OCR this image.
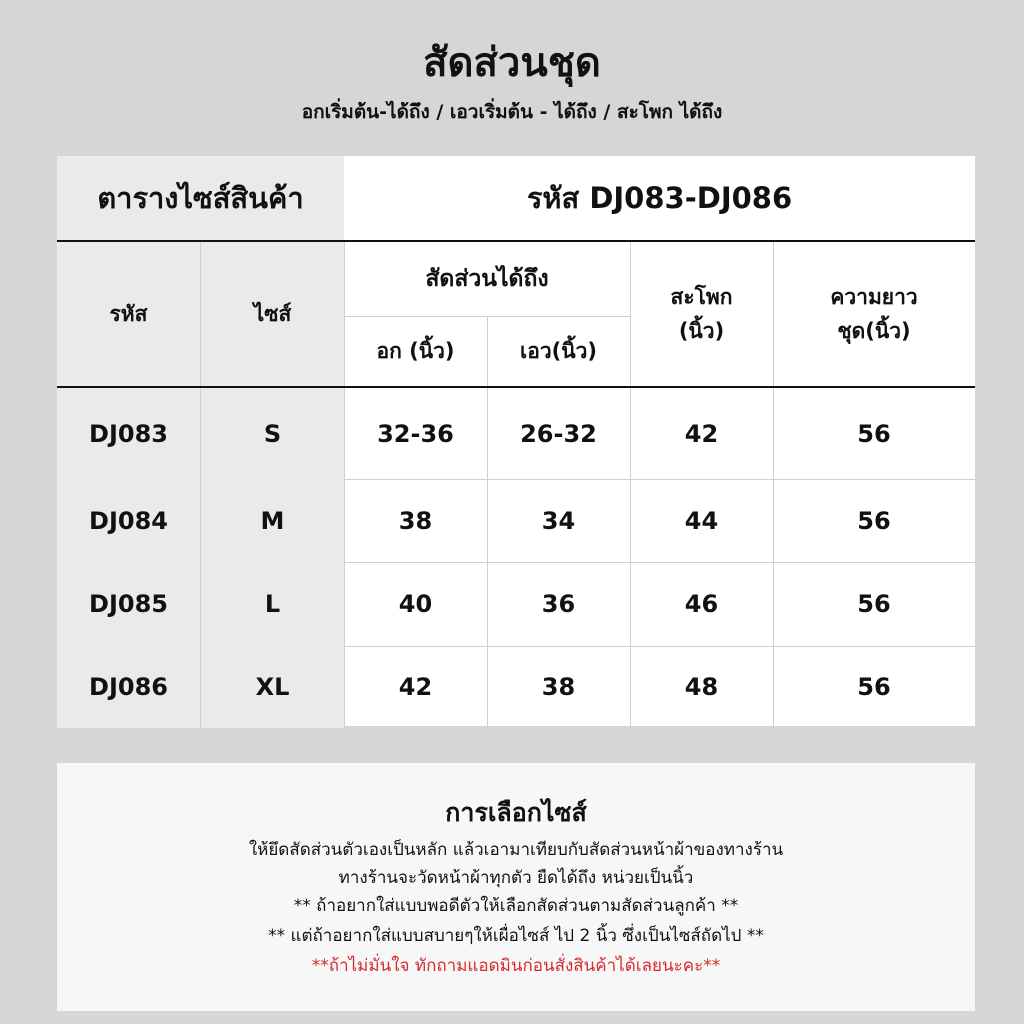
สัดส่วนชุด
อกเริ่มต้น-ได้ถึง / เอวเริ่มต้น - ได้ถึง / สะโพก ได้ถึง
ตารางไซส์สินค้า	รหัส DJ083-DJ086
รหัส	ไซส์
สัดส่วนได้ถึง
อก (นิ้ว)	เอว(นิ้ว)
สะโพก
(นิ้ว)
ความยาว
ชุด(นิ้ว)
DJ083	S	32-36	26-32	42	56
DJ084	M	38	34	44	56
DJ085	L	40	36	46	56
DJ086	XL	42	38	48	56
การเลือกไซส์
ให้ยึดสัดส่วนตัวเองเป็นหลัก แล้วเอามาเทียบกับสัดส่วนหน้าผ้าของทางร้าน
ทางร้านจะวัดหน้าผ้าทุกตัว ยืดได้ถึง หน่วยเป็นนิ้ว
** ถ้าอยากใส่แบบพอดีตัวให้เลือกสัดส่วนตามสัดส่วนลูกค้า **
** แต่ถ้าอยากใส่แบบสบายๆให้เผื่อไซส์ ไป 2 นิ้ว ซึ่งเป็นไซส์ถัดไป **
**ถ้าไม่มั่นใจ ทักถามแอดมินก่อนสั่งสินค้าได้เลยนะคะ**
